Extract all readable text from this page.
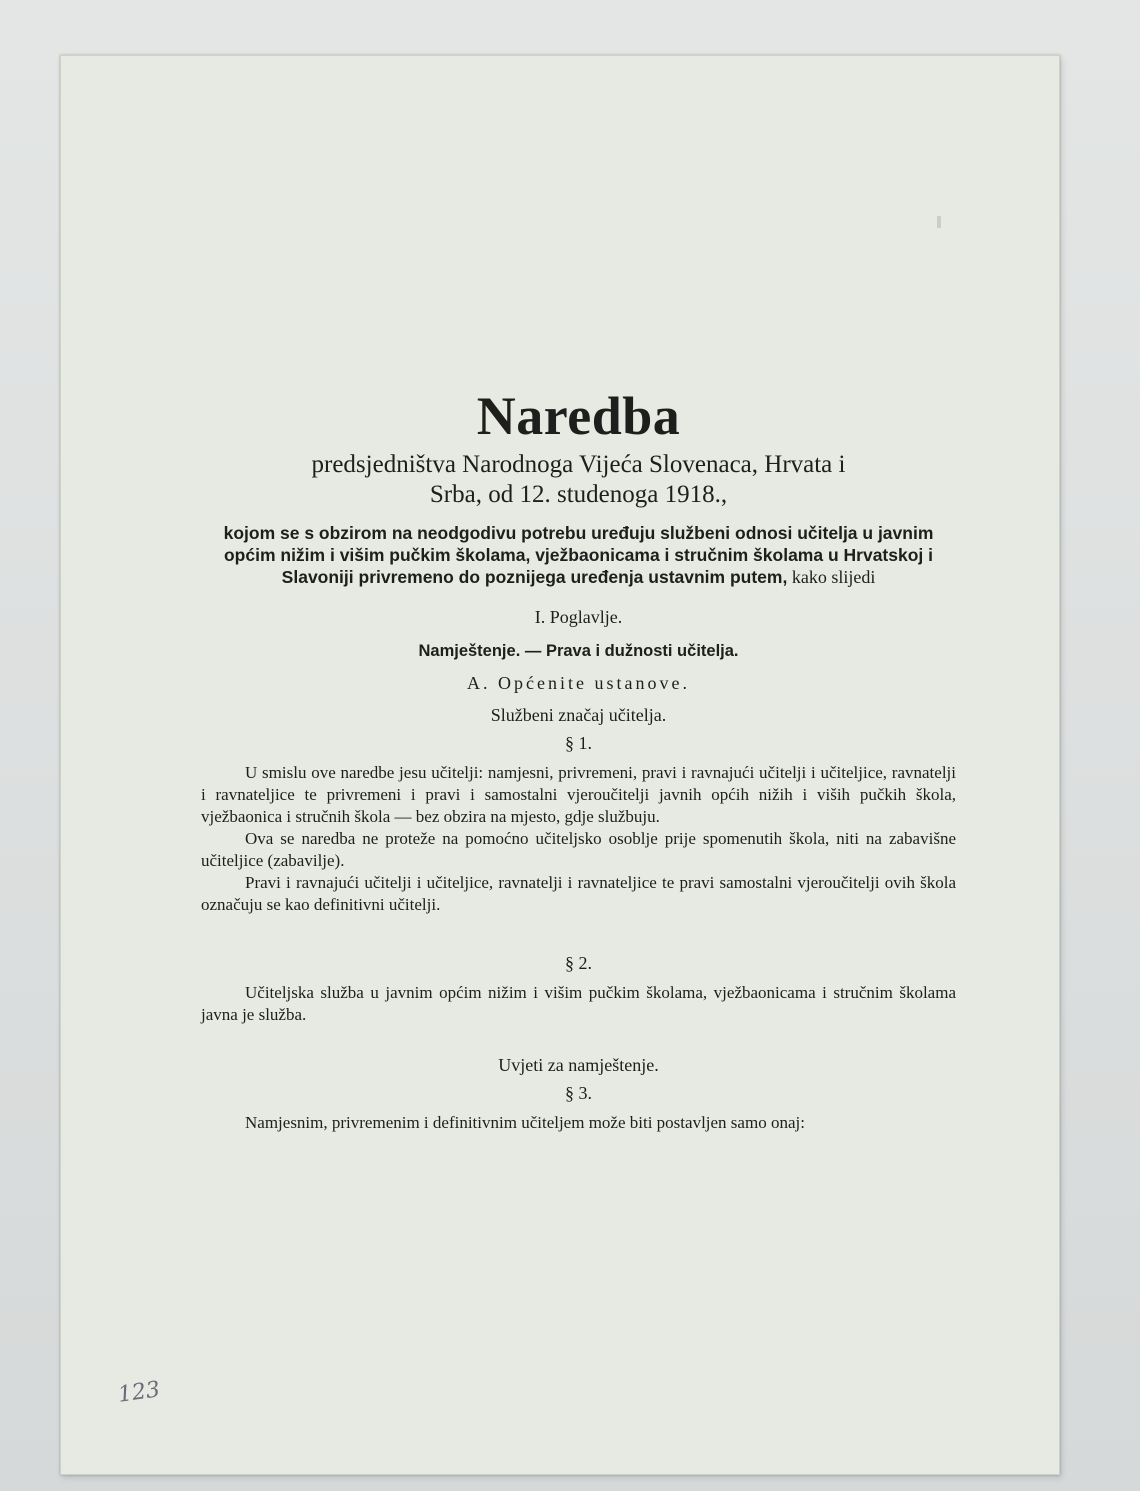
Naredba
predsjedništva Narodnoga Vijeća Slovenaca, Hrvata i
Srba, od 12. studenoga 1918.,

kojom se s obzirom na neodgodivu potrebu uređuju službeni odnosi učitelja u javnim općim nižim i višim pučkim školama, vježbaonicama i stručnim školama u Hrvatskoj i Slavoniji privremeno do poznijega uređenja ustavnim putem, kako slijedi

I. Poglavlje.

Namještenje. — Prava i dužnosti učitelja.

A. Općenite ustanove.

Službeni značaj učitelja.

§ 1.

U smislu ove naredbe jesu učitelji: namjesni, privremeni, pravi i ravnajući učitelji i učiteljice, ravnatelji i ravnateljice te privremeni i pravi i samostalni vjeroučitelji javnih općih nižih i viših pučkih škola, vježbaonica i stručnih škola — bez obzira na mjesto, gdje službuju.

Ova se naredba ne proteže na pomoćno učiteljsko osoblje prije spomenutih škola, niti na zabavišne učiteljice (zabavilje).

Pravi i ravnajući učitelji i učiteljice, ravnatelji i ravnateljice te pravi samostalni vjeroučitelji ovih škola označuju se kao definitivni učitelji.

§ 2.

Učiteljska služba u javnim općim nižim i višim pučkim školama, vježbaonicama i stručnim školama javna je služba.

Uvjeti za namještenje.

§ 3.

Namjesnim, privremenim i definitivnim učiteljem može biti postavljen samo onaj:

123
